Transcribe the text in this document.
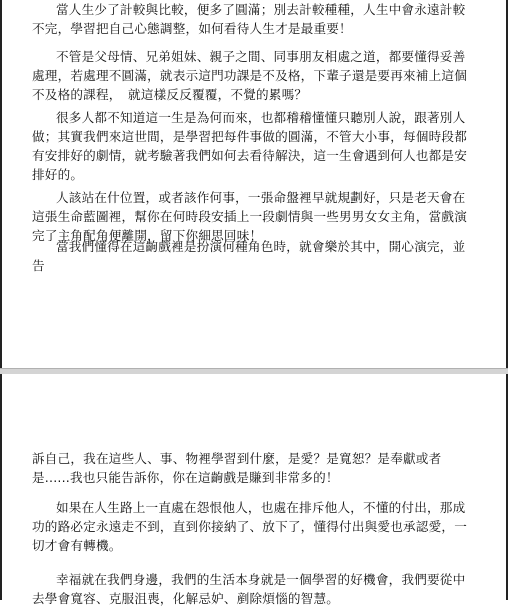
當人生少了計較與比較，便多了圓滿；別去計較種種，人生中會永遠計較不完，學習把自己心態調整，如何看待人生才是最重要！

不管是父母情、兄弟姐妹、親子之間、同事朋友相處之道，都要懂得妥善處理，若處理不圓滿，就表示這門功課是不及格，下輩子還是要再來補上這個不及格的課程，　就這樣反反覆覆，不覺的累嗎？

很多人都不知道這一生是為何而來，也都稽稽懂懂只聽別人說，跟著別人做；其實我們來這世間，是學習把每件事做的圓滿，不管大小事，每個時段都有安排好的劇情，就考驗著我們如何去看待解決，這一生會遇到何人也都是安排好的。

人該站在什位置，或者該作何事，一張命盤裡早就規劃好，只是老天會在這張生命藍圖裡，幫你在何時段安插上一段劇情與一些男男女女主角，當戲演完了主角配角便離開，留下你細思回味！

當我們懂得在這齣戲裡是扮演何種角色時，就會樂於其中，開心演完，並告

訴自己，我在這些人、事、物裡學習到什麼，是愛？是寬恕？是奉獻或者是......我也只能告訴你，你在這齣戲是賺到非常多的！

如果在人生路上一直處在怨恨他人，也處在排斥他人，不懂的付出，那成功的路必定永遠走不到，直到你接納了、放下了，懂得付出與愛也承認愛，一切才會有轉機。

幸福就在我們身邊，我們的生活本身就是一個學習的好機會，我們要從中去學會寬容、克服沮喪，化解忌妒、剷除煩惱的智慧。
